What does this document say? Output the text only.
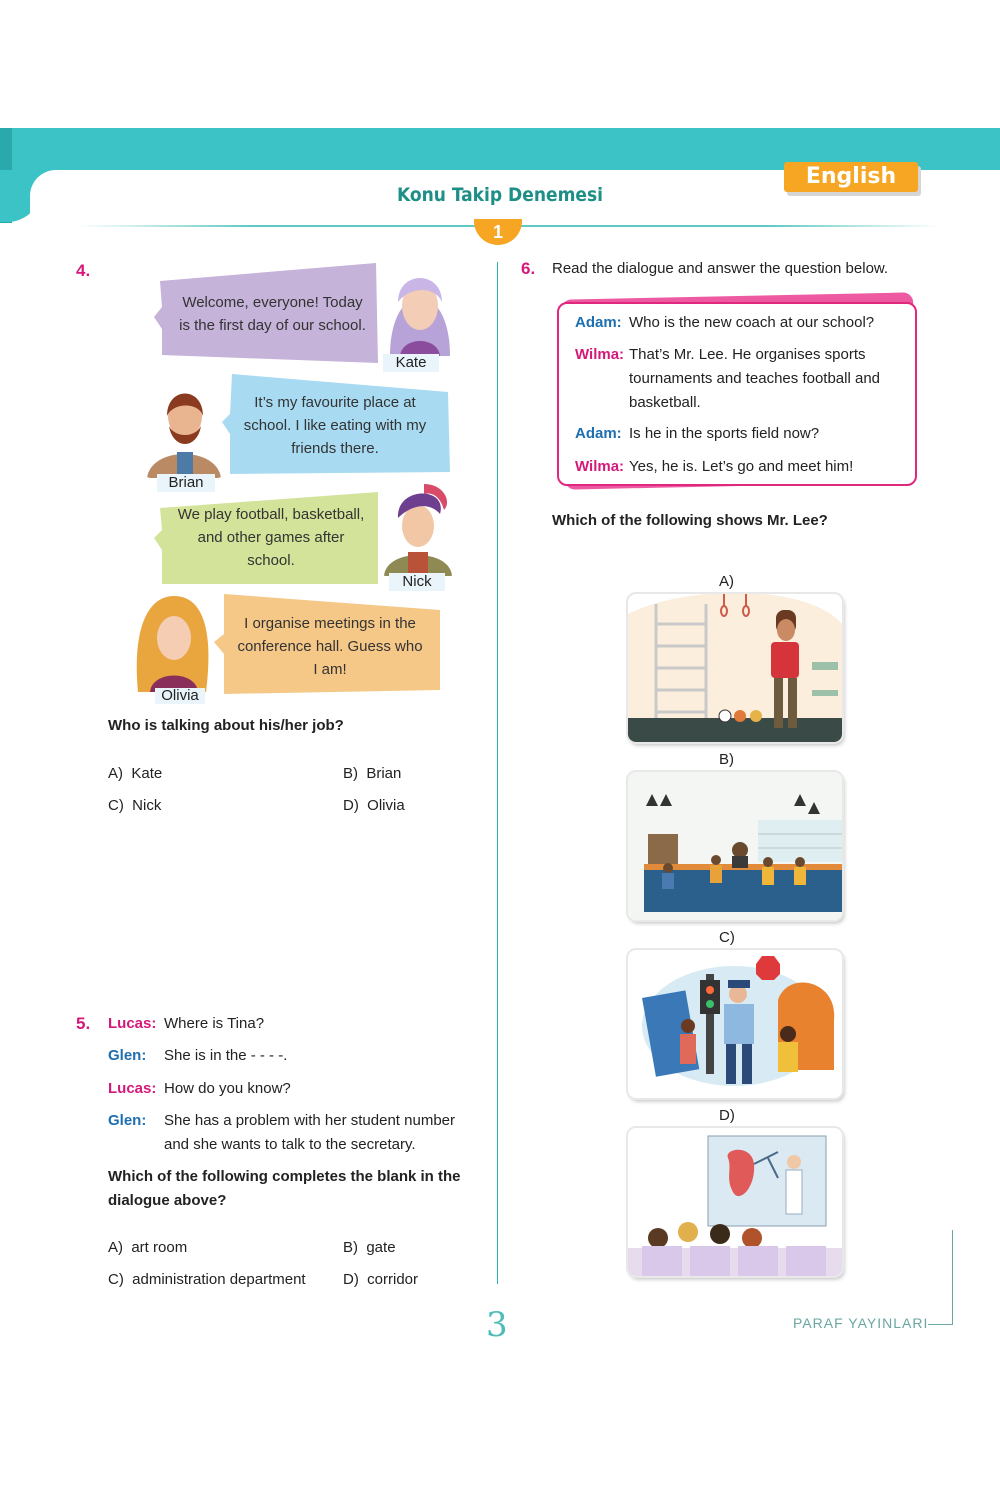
English
Konu Takip Denemesi
1
4.
Welcome, everyone! Today is the first day of our school.
Kate
It’s my favourite place at school. I like eating with my friends there.
Brian
We play football, basketball, and other games after school.
Nick
I organise meetings in the conference hall. Guess who I am!
Olivia
Who is talking about his/her job?
A) Kate	B) Brian
C) Nick	D) Olivia
5. Lucas: Where is Tina?
Glen: She is in the - - - -.
Lucas: How do you know?
Glen: She has a problem with her student number
and she wants to talk to the secretary.
Which of the following completes the blank in the
dialogue above?
A) art room	B) gate
C) administration department D) corridor
6. Read the dialogue and answer the question below.
Adam: Who is the new coach at our school?
Wilma: That’s Mr. Lee. He organises sports
tournaments and teaches football and
basketball.
Adam: Is he in the sports field now?
Wilma: Yes, he is. Let’s go and meet him!
Which of the following shows Mr. Lee?
A)
B)
C)
D)
3	PARAF YAYINLARI
